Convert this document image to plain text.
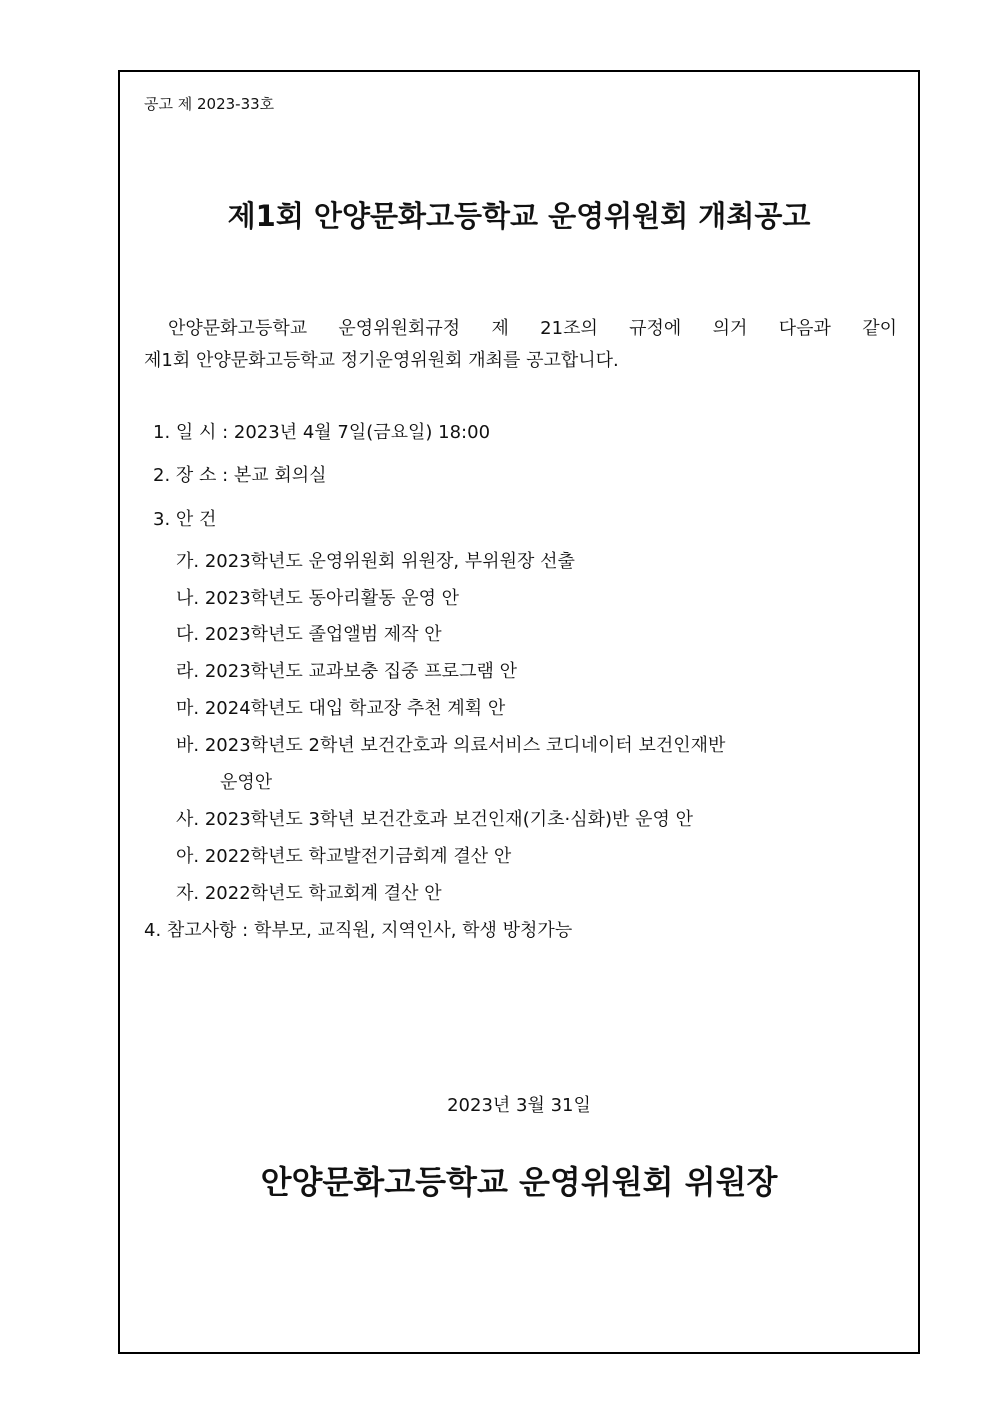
공고 제 2023-33호
제1회 안양문화고등학교 운영위원회 개최공고
안양문화고등학교 운영위원회규정 제 21조의 규정에 의거 다음과 같이
제1회 안양문화고등학교 정기운영위원회 개최를 공고합니다.
1. 일 시 : 2023년 4월 7일(금요일) 18:00
2. 장 소 : 본교 회의실
3. 안 건
가. 2023학년도 운영위원회 위원장, 부위원장 선출
나. 2023학년도 동아리활동 운영 안
다. 2023학년도 졸업앨범 제작 안
라. 2023학년도 교과보충 집중 프로그램 안
마. 2024학년도 대입 학교장 추천 계획 안
바. 2023학년도 2학년 보건간호과 의료서비스 코디네이터 보건인재반
운영안
사. 2023학년도 3학년 보건간호과 보건인재(기초·심화)반 운영 안
아. 2022학년도 학교발전기금회계 결산 안
자. 2022학년도 학교회계 결산 안
4. 참고사항 : 학부모, 교직원, 지역인사, 학생 방청가능
2023년 3월 31일
안양문화고등학교 운영위원회 위원장
